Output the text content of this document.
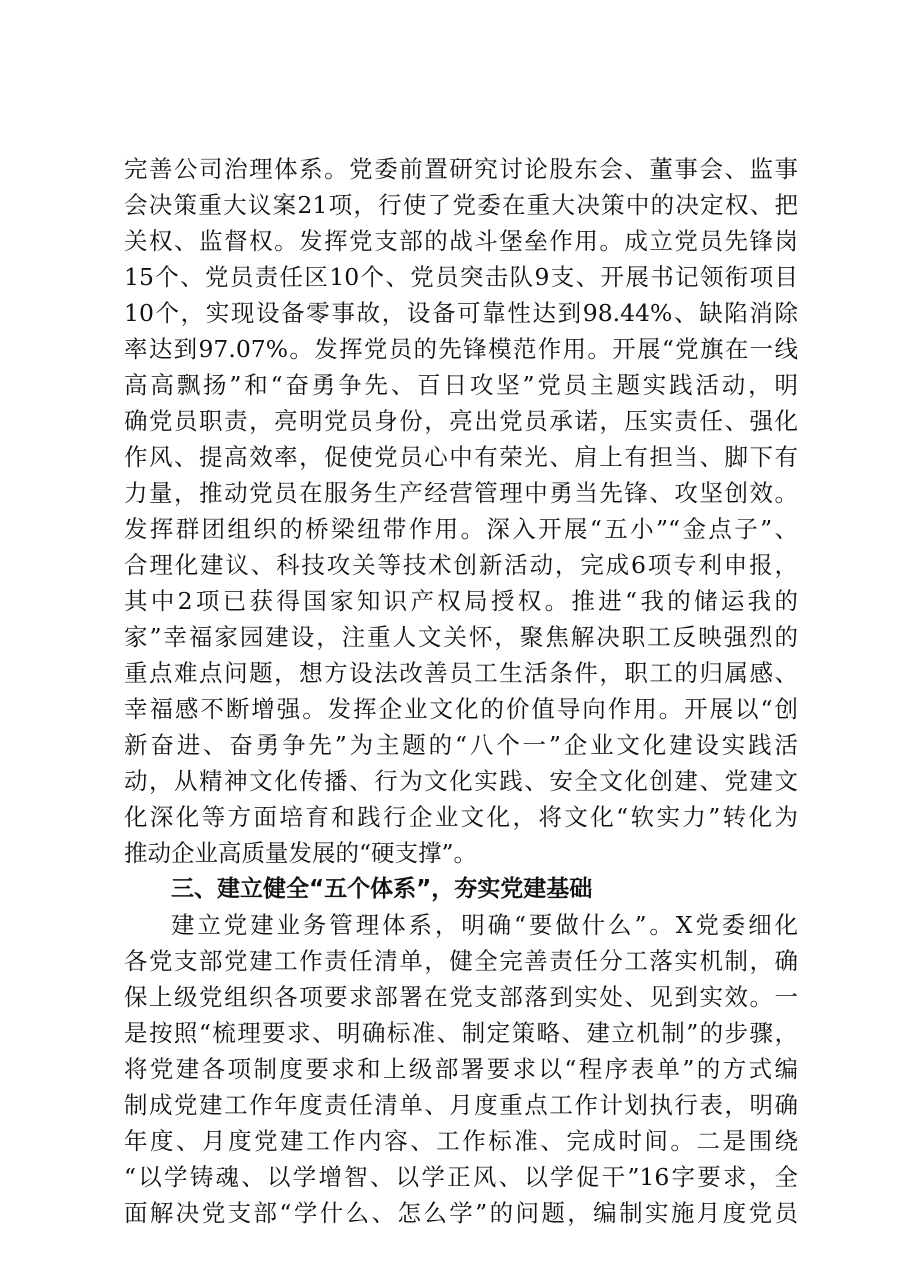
完善公司治理体系。党委前置研究讨论股东会、董事会、监事
会决策重大议案21项，行使了党委在重大决策中的决定权、把
关权、监督权。发挥党支部的战斗堡垒作用。成立党员先锋岗
15个、党员责任区10个、党员突击队9支、开展书记领衔项目
10个，实现设备零事故，设备可靠性达到98.44%、缺陷消除
率达到97.07%。发挥党员的先锋模范作用。开展“党旗在一线
高高飘扬”和“奋勇争先、百日攻坚”党员主题实践活动，明
确党员职责，亮明党员身份，亮出党员承诺，压实责任、强化
作风、提高效率，促使党员心中有荣光、肩上有担当、脚下有
力量，推动党员在服务生产经营管理中勇当先锋、攻坚创效。
发挥群团组织的桥梁纽带作用。深入开展“五小”“金点子”、
合理化建议、科技攻关等技术创新活动，完成6项专利申报，
其中2项已获得国家知识产权局授权。推进“我的储运我的
家”幸福家园建设，注重人文关怀，聚焦解决职工反映强烈的
重点难点问题，想方设法改善员工生活条件，职工的归属感、
幸福感不断增强。发挥企业文化的价值导向作用。开展以“创
新奋进、奋勇争先”为主题的“八个一”企业文化建设实践活
动，从精神文化传播、行为文化实践、安全文化创建、党建文
化深化等方面培育和践行企业文化，将文化“软实力”转化为
推动企业高质量发展的“硬支撑”。
三、建立健全“五个体系”，夯实党建基础
建立党建业务管理体系，明确“要做什么”。X党委细化
各党支部党建工作责任清单，健全完善责任分工落实机制，确
保上级党组织各项要求部署在党支部落到实处、见到实效。一
是按照“梳理要求、明确标准、制定策略、建立机制”的步骤，
将党建各项制度要求和上级部署要求以“程序表单”的方式编
制成党建工作年度责任清单、月度重点工作计划执行表，明确
年度、月度党建工作内容、工作标准、完成时间。二是围绕
“以学铸魂、以学增智、以学正风、以学促干”16字要求，全
面解决党支部“学什么、怎么学”的问题，编制实施月度党员
